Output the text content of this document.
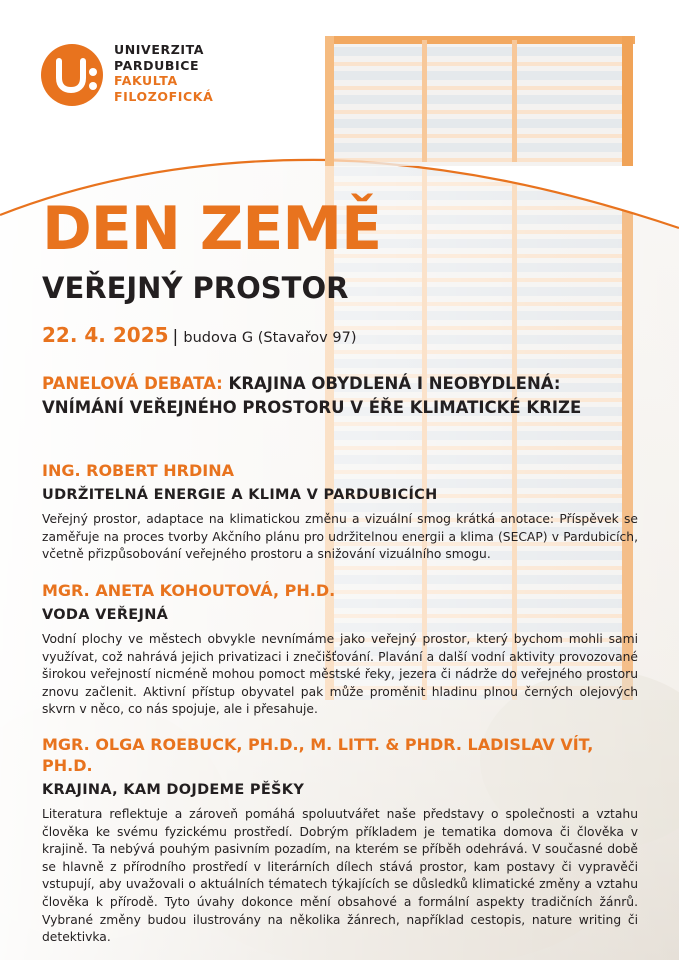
UNIVERZITA
PARDUBICE
FAKULTA
FILOZOFICKÁ
DEN ZEMĚ
VEŘEJNÝ PROSTOR
22. 4. 2025 | budova G (Stavařov 97)
PANELOVÁ DEBATA: KRAJINA OBYDLENÁ I NEOBYDLENÁ:
VNÍMÁNÍ VEŘEJNÉHO PROSTORU V ÉŘE KLIMATICKÉ KRIZE

ING. ROBERT HRDINA

UDRŽITELNÁ ENERGIE A KLIMA V PARDUBICÍCH

Veřejný prostor, adaptace na klimatickou změnu a vizuální smog krátká anotace: Příspěvek se zaměřuje na proces tvorby Akčního plánu pro udržitelnou energii a klima (SECAP) v Pardubicích, včetně přizpůsobování veřejného prostoru a snižování vizuálního smogu.

MGR. ANETA KOHOUTOVÁ, PH.D.

VODA VEŘEJNÁ

Vodní plochy ve městech obvykle nevnímáme jako veřejný prostor, který bychom mohli sami využívat, což nahrává jejich privatizaci i znečišťování. Plavání a další vodní aktivity provozované širokou veřejností nicméně mohou pomoct městské řeky, jezera či nádrže do veřejného prostoru znovu začlenit. Aktivní přístup obyvatel pak může proměnit hladinu plnou černých olejových skvrn v něco, co nás spojuje, ale i přesahuje.

MGR. OLGA ROEBUCK, PH.D., M. LITT. & PHDR. LADISLAV VÍT, PH.D.

KRAJINA, KAM DOJDEME PĚŠKY

Literatura reflektuje a zároveň pomáhá spoluutvářet naše představy o společnosti a vztahu člověka ke svému fyzickému prostředí. Dobrým příkladem je tematika domova či člověka v krajině. Ta nebývá pouhým pasivním pozadím, na kterém se příběh odehrává. V současné době se hlavně z přírodního prostředí v literárních dílech stává prostor, kam postavy či vypravěči vstupují, aby uvažovali o aktuálních tématech týkajících se důsledků klimatické změny a vztahu člověka k přírodě. Tyto úvahy dokonce mění obsahové a formální aspekty tradičních žánrů. Vybrané změny budou ilustrovány na několika žánrech, například cestopis, nature writing či detektivka.
